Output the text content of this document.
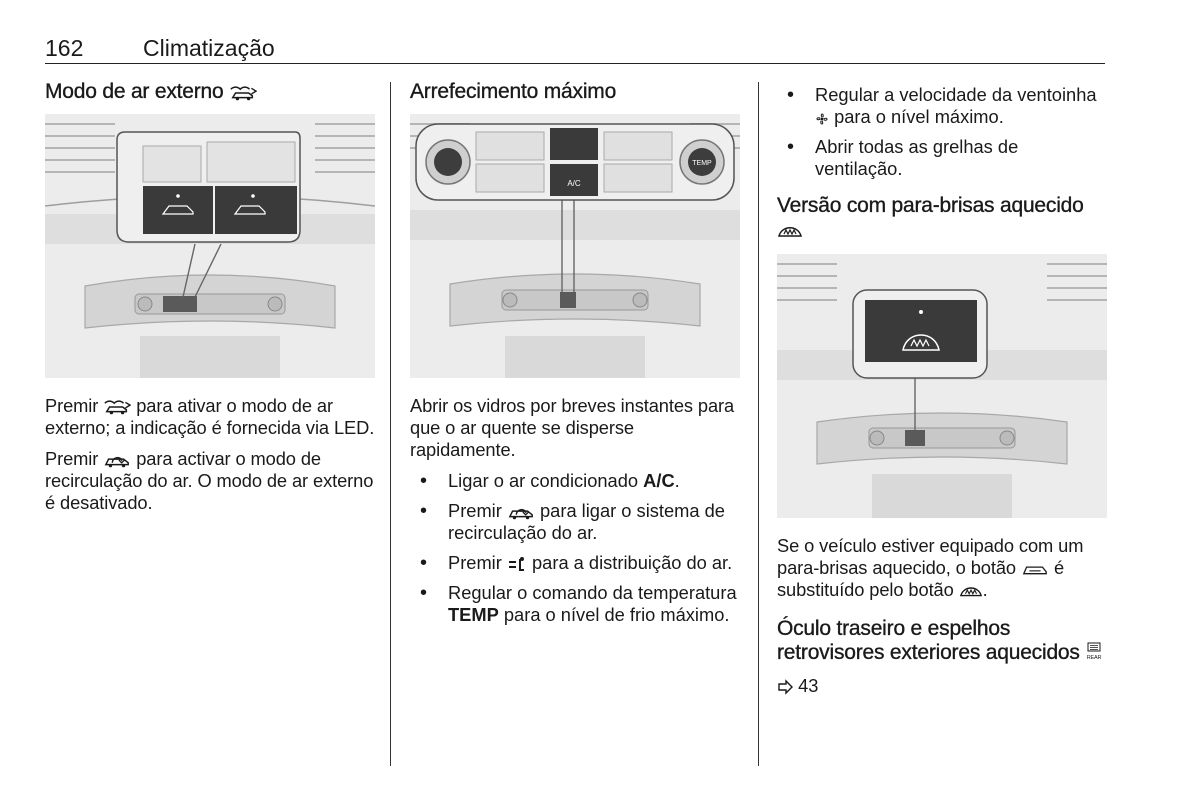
162	Climatização
Modo de ar externo

Premir para ativar o modo de ar externo; a indicação é fornecida via LED.

Premir para activar o modo de recirculação do ar. O modo de ar externo é desativado.

Arrefecimento máximo
TEMP
A/C

Abrir os vidros por breves instantes para que o ar quente se disperse rapidamente.

• Ligar o ar condicionado A/C.
• Premir para ligar o sistema de recirculação do ar.
• Premir para a distribuição do ar.
• Regular o comando da temperatura TEMP para o nível de frio máximo.
• Regular a velocidade da ventoinha  para o nível máximo.
• Abrir todas as grelhas de ventilação.
Versão com para-brisas aquecido

Se o veículo estiver equipado com um para-brisas aquecido, o botão é substituído pelo botão .

Óculo traseiro e espelhos retrovisores exteriores aquecidos REAR
43
